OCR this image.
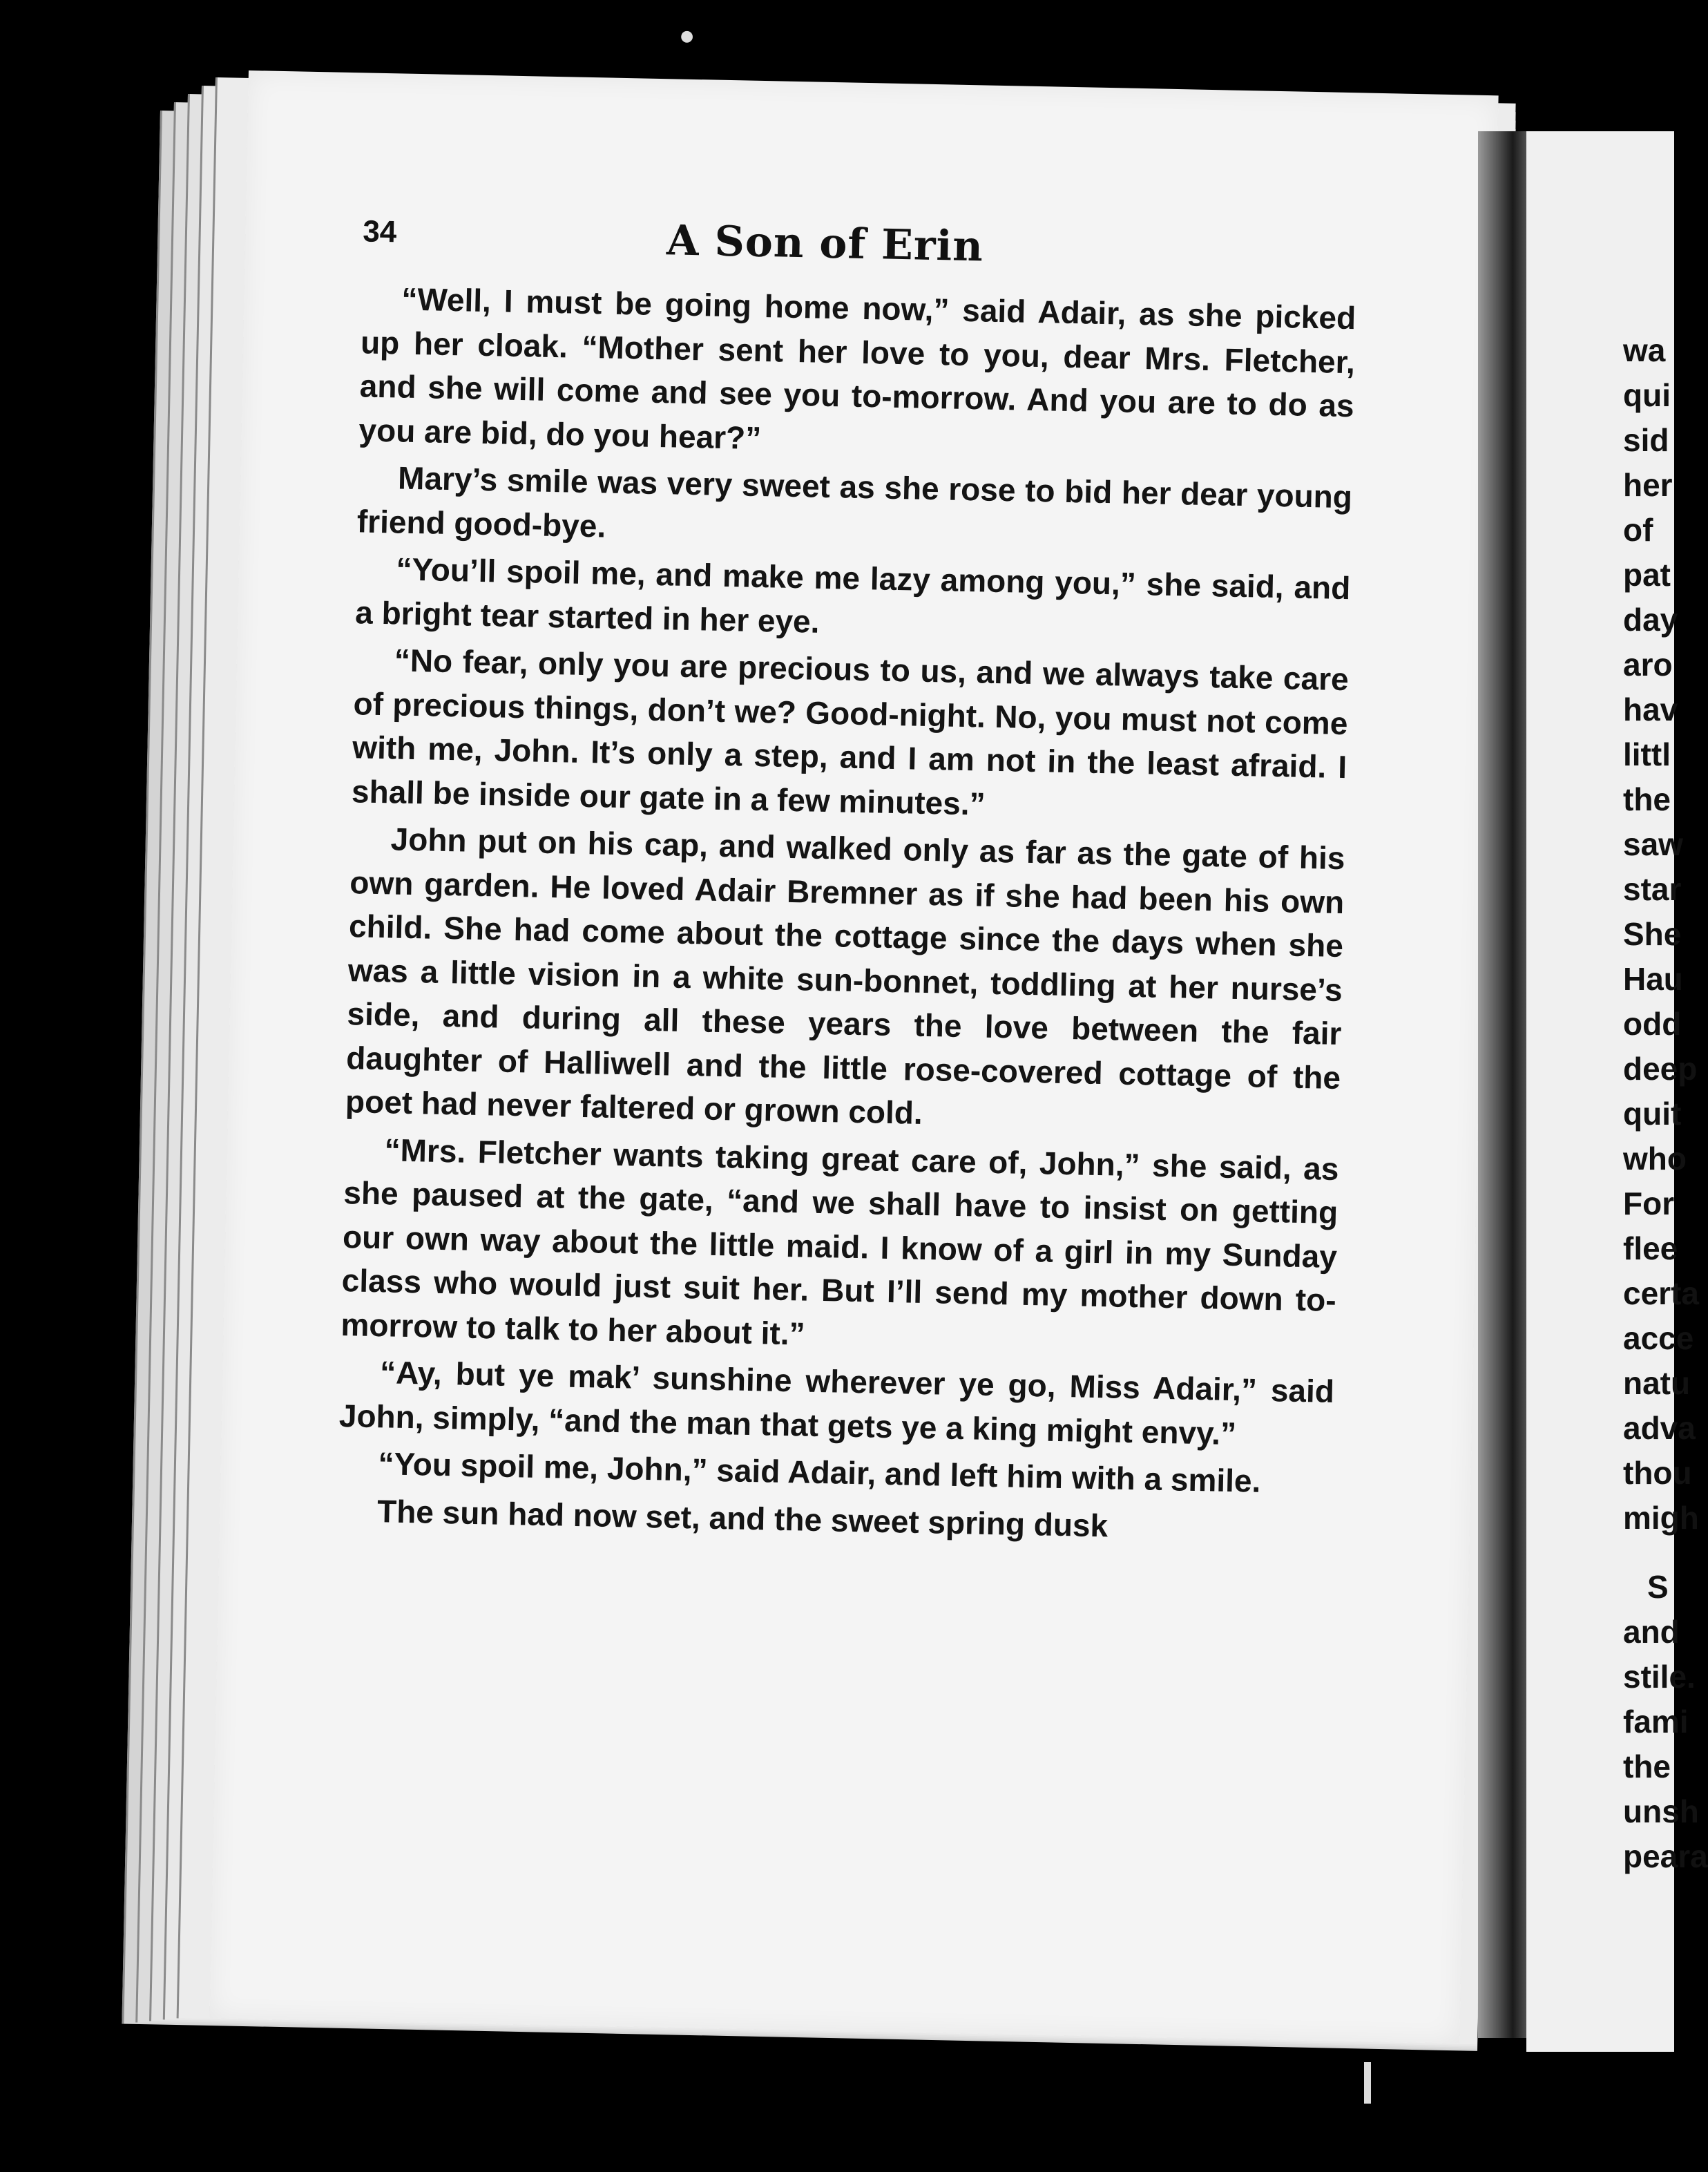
34	A Son of Erin

“Well, I must be going home now,” said Adair, as she picked up her cloak. “Mother sent her love to you, dear Mrs. Fletcher, and she will come and see you to-morrow. And you are to do as you are bid, do you hear?”

Mary’s smile was very sweet as she rose to bid her dear young friend good-bye.

“You’ll spoil me, and make me lazy among you,” she said, and a bright tear started in her eye.

“No fear, only you are precious to us, and we always take care of precious things, don’t we? Good-night. No, you must not come with me, John. It’s only a step, and I am not in the least afraid. I shall be inside our gate in a few minutes.”

John put on his cap, and walked only as far as the gate of his own garden. He loved Adair Bremner as if she had been his own child. She had come about the cottage since the days when she was a little vision in a white sun-bonnet, toddling at her nurse’s side, and during all these years the love between the fair daughter of Halliwell and the little rose-covered cottage of the poet had never faltered or grown cold.

“Mrs. Fletcher wants taking great care of, John,” she said, as she paused at the gate, “and we shall have to insist on getting our own way about the little maid. I know of a girl in my Sunday class who would just suit her. But I’ll send my mother down to-morrow to talk to her about it.”

“Ay, but ye mak’ sunshine wherever ye go, Miss Adair,” said John, simply, “and the man that gets ye a king might envy.”

“You spoil me, John,” said Adair, and left him with a smile.

The sun had now set, and the sweet spring dusk

wa
qui
sid
her
of
pat
day
aro
hav
littl
the
saw
star
She
Hau
odd
deep
quit
who
For
flee
certa
acce
natu
adva
thou
migh
S
and
stile.
fami
the
unsh
peara
●
